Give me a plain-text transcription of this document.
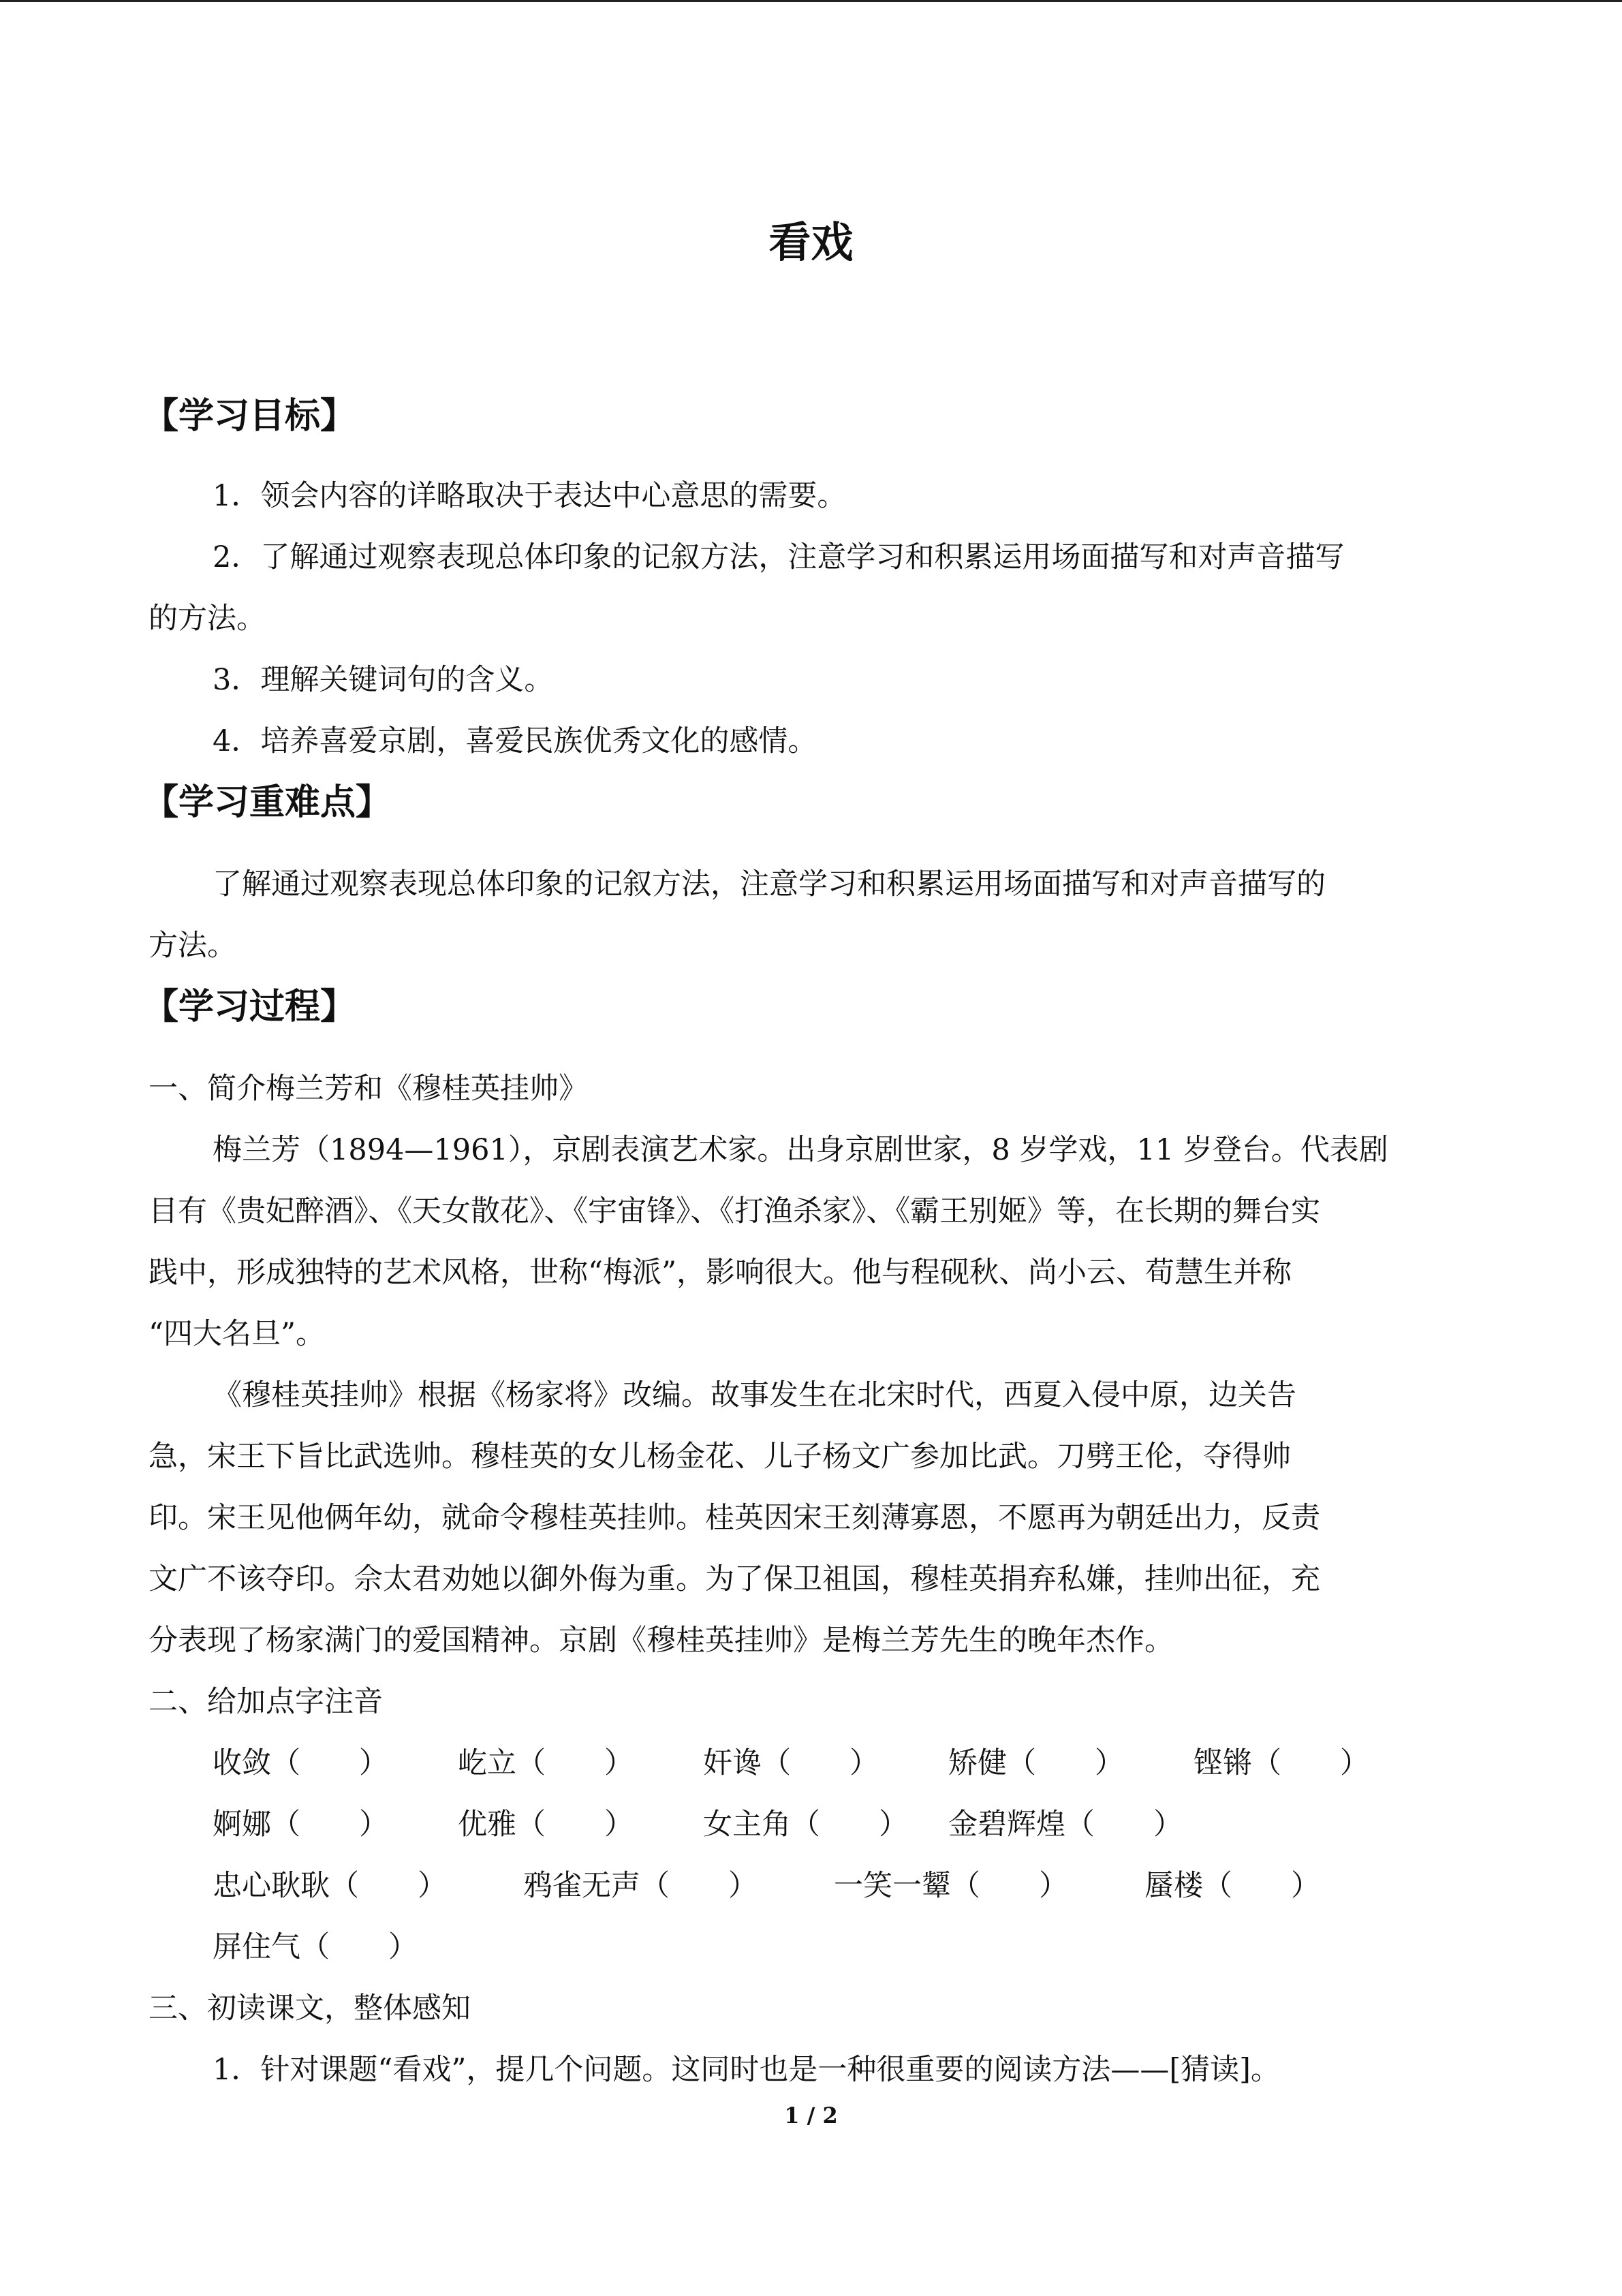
看戏
【学习目标】
1．领会内容的详略取决于表达中心意思的需要。
2．了解通过观察表现总体印象的记叙方法，注意学习和积累运用场面描写和对声音描写
的方法。
3．理解关键词句的含义。
4．培养喜爱京剧，喜爱民族优秀文化的感情。
【学习重难点】
了解通过观察表现总体印象的记叙方法，注意学习和积累运用场面描写和对声音描写的
方法。
【学习过程】
一、简介梅兰芳和《穆桂英挂帅》
梅兰芳（1894—1961），京剧表演艺术家。出身京剧世家，8 岁学戏，11 岁登台。代表剧
目有《贵妃醉酒》、《天女散花》、《宇宙锋》、《打渔杀家》、《霸王别姬》等，在长期的舞台实
践中，形成独特的艺术风格，世称“梅派”，影响很大。他与程砚秋、尚小云、荀慧生并称
“四大名旦”。
《穆桂英挂帅》根据《杨家将》改编。故事发生在北宋时代，西夏入侵中原，边关告
急，宋王下旨比武选帅。穆桂英的女儿杨金花、儿子杨文广参加比武。刀劈王伦，夺得帅
印。宋王见他俩年幼，就命令穆桂英挂帅。桂英因宋王刻薄寡恩，不愿再为朝廷出力，反责
文广不该夺印。佘太君劝她以御外侮为重。为了保卫祖国，穆桂英捐弃私嫌，挂帅出征，充
分表现了杨家满门的爱国精神。京剧《穆桂英挂帅》是梅兰芳先生的晚年杰作。
二、给加点字注音
收敛（　　） 屹立（　　） 奸谗（　　） 矫健（　　） 铿锵（　　）
婀娜（　　） 优雅（　　） 女主角（　　） 金碧辉煌（　　）
忠心耿耿（　　）	鸦雀无声（　　）	一笑一颦（　　）	蜃楼（　　）
屏住气（　　）
三、初读课文，整体感知
1．针对课题“看戏”，提几个问题。这同时也是一种很重要的阅读方法——[猜读]。
1 / 2
